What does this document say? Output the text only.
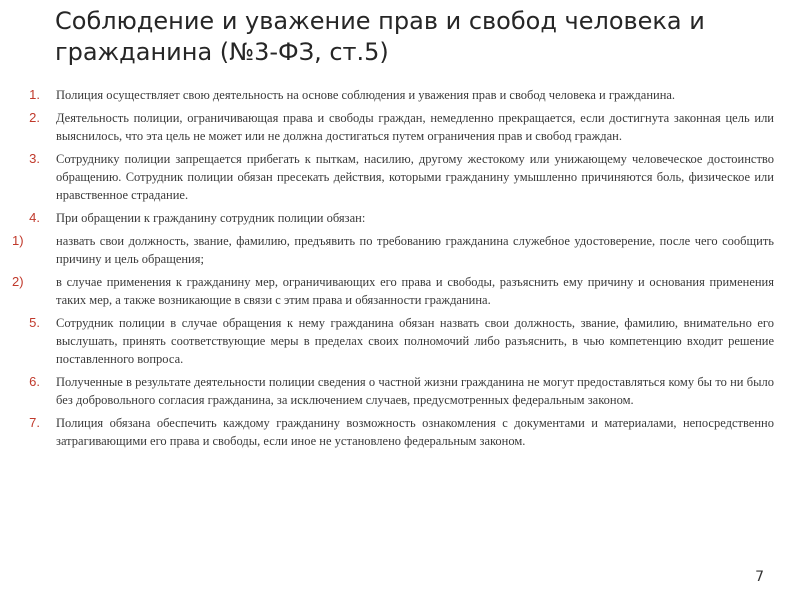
Соблюдение и уважение прав и свобод человека и гражданина (№3-ФЗ, ст.5)
1.	Полиция осуществляет свою деятельность на основе соблюдения и уважения прав и свобод человека и гражданина.
2.	Деятельность полиции, ограничивающая права и свободы граждан, немедленно прекращается, если достигнута законная цель или выяснилось, что эта цель не может или не должна достигаться путем ограничения прав и свобод граждан.
3.	Сотруднику полиции запрещается прибегать к пыткам, насилию, другому жестокому или унижающему человеческое достоинство обращению. Сотрудник полиции обязан пресекать действия, которыми гражданину умышленно причиняются боль, физическое или нравственное страдание.
4.	При обращении к гражданину сотрудник полиции обязан:
1)	назвать свои должность, звание, фамилию, предъявить по требованию гражданина служебное удостоверение, после чего сообщить причину и цель обращения;
2)	в случае применения к гражданину мер, ограничивающих его права и свободы, разъяснить ему причину и основания применения таких мер, а также возникающие в связи с этим права и обязанности гражданина.
5.	Сотрудник полиции в случае обращения к нему гражданина обязан назвать свои должность, звание, фамилию, внимательно его выслушать, принять соответствующие меры в пределах своих полномочий либо разъяснить, в чью компетенцию входит решение поставленного вопроса.
6.	Полученные в результате деятельности полиции сведения о частной жизни гражданина не могут предоставляться кому бы то ни было без добровольного согласия гражданина, за исключением случаев, предусмотренных федеральным законом.
7.	Полиция обязана обеспечить каждому гражданину возможность ознакомления с документами и материалами, непосредственно затрагивающими его права и свободы, если иное не установлено федеральным законом.
7
